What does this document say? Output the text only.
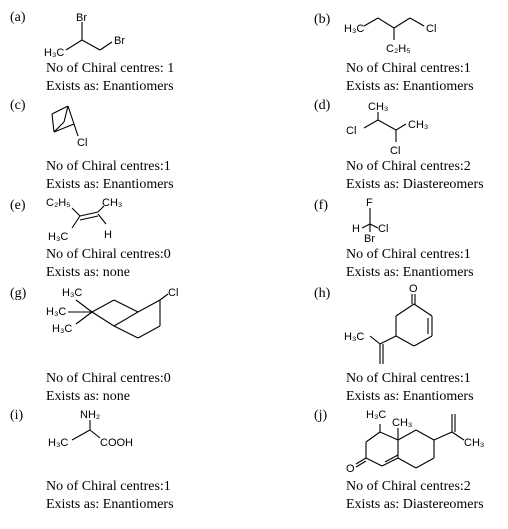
(a)	Br
Br
H₃C
No of Chiral centres: 1
Exists as: Enantiomers
(b)
H₃C	Cl
C₂H₅
No of Chiral centres:1
Exists as: Enantiomers
(c)
Cl
No of Chiral centres:1
Exists as: Enantiomers
(d)	CH₃
CH₃
Cl
Cl
No of Chiral centres:2
Exists as: Diastereomers
(e) C₂H₅	CH₃
H₃C	H
No of Chiral centres:0
Exists as: none
(f)	F
H Cl
Br
No of Chiral centres:1
Exists as: Enantiomers
(g)	H₃C
H₃C
H₃C
Cl
No of Chiral centres:0
Exists as: none
(h)	O
H₃C
No of Chiral centres:1
Exists as: Enantiomers
(i)	NH₂
H₃C	COOH
No of Chiral centres:1
Exists as: Enantiomers
(j)	H₃C
CH₃
CH₃
O
No of Chiral centres:2
Exists as: Diastereomers
